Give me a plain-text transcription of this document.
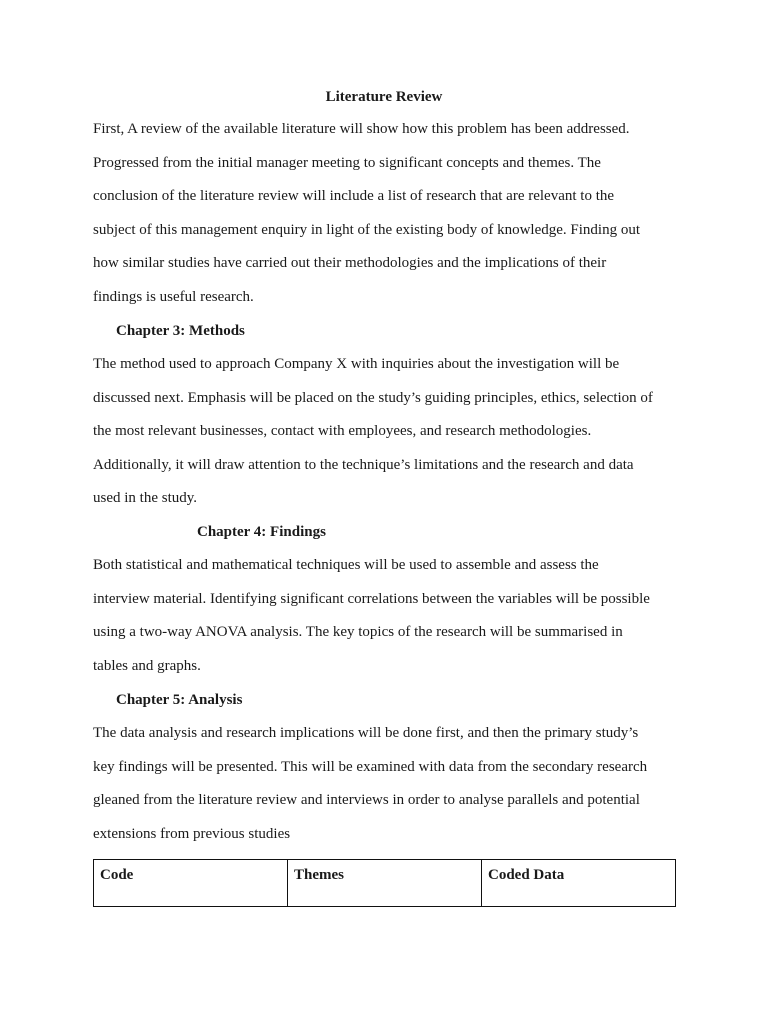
Literature Review

First, A review of the available literature will show how this problem has been addressed.
Progressed from the initial manager meeting to significant concepts and themes. The
conclusion of the literature review will include a list of research that are relevant to the
subject of this management enquiry in light of the existing body of knowledge. Finding out
how similar studies have carried out their methodologies and the implications of their
findings is useful research.

Chapter 3: Methods

The method used to approach Company X with inquiries about the investigation will be
discussed next. Emphasis will be placed on the study’s guiding principles, ethics, selection of
the most relevant businesses, contact with employees, and research methodologies.
Additionally, it will draw attention to the technique’s limitations and the research and data
used in the study.

Chapter 4: Findings

Both statistical and mathematical techniques will be used to assemble and assess the
interview material. Identifying significant correlations between the variables will be possible
using a two-way ANOVA analysis. The key topics of the research will be summarised in
tables and graphs.

Chapter 5: Analysis

The data analysis and research implications will be done first, and then the primary study’s
key findings will be presented. This will be examined with data from the secondary research
gleaned from the literature review and interviews in order to analyse parallels and potential
extensions from previous studies

Code	Themes	Coded Data
